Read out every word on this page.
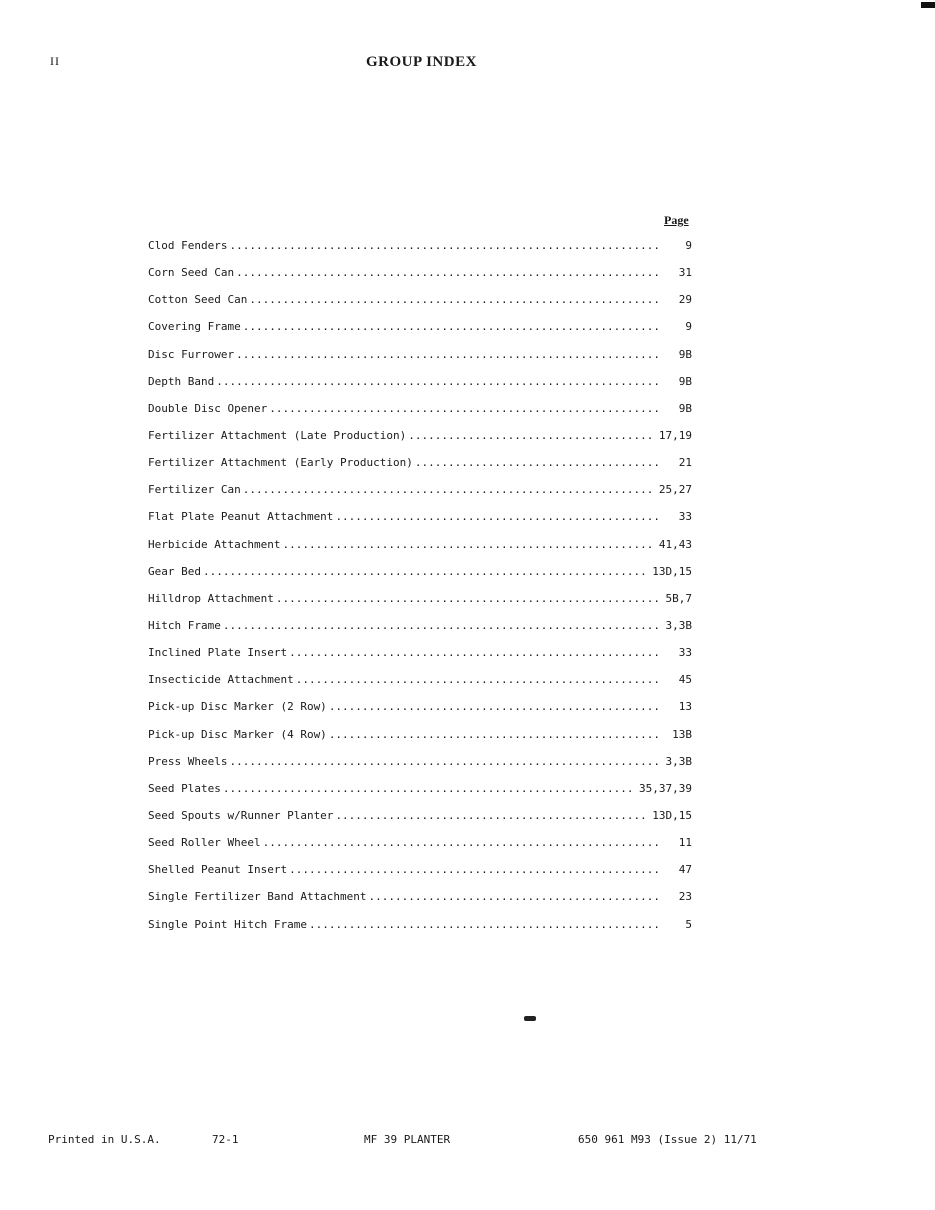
II	GROUP INDEX
Page
Clod Fenders .....	9
Corn Seed Can .....	31
Cotton Seed Can .....	29
Covering Frame .....	9
Disc Furrower .....	9B
Depth Band .....	9B
Double Disc Opener .....	9B
Fertilizer Attachment (Late Production) .....	17,19
Fertilizer Attachment (Early Production) .....	21
Fertilizer Can .....	25,27
Flat Plate Peanut Attachment .....	33
Herbicide Attachment .....	41,43
Gear Bed .....	13D,15
Hilldrop Attachment .....	5B,7
Hitch Frame .....	3,3B
Inclined Plate Insert .....	33
Insecticide Attachment .....	45
Pick-up Disc Marker (2 Row) .....	13
Pick-up Disc Marker (4 Row) .....	13B
Press Wheels .....	3,3B
Seed Plates .....	35,37,39
Seed Spouts w/Runner Planter .....	13D,15
Seed Roller Wheel .....	11
Shelled Peanut Insert .....	47
Single Fertilizer Band Attachment .....	23
Single Point Hitch Frame .....	5
Printed in U.S.A.	72-1	MF 39 PLANTER	650 961 M93 (Issue 2) 11/71
